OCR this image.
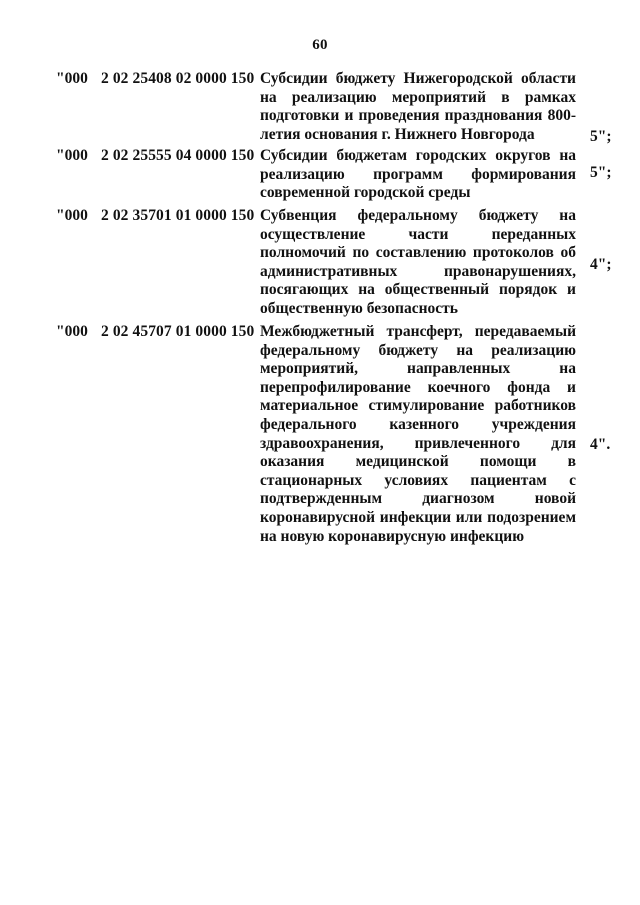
60
"000 2 02 25408 02 0000 150 Субсидии бюджету Нижегородской области на реализацию мероприятий в рамках подготовки и проведения празднования 800-летия основания г. Нижнего Новгорода	5";
"000 2 02 25555 04 0000 150 Субсидии бюджетам городских округов на реализацию программ формирования современной городской среды
5";
"000 2 02 35701 01 0000 150 Субвенция федеральному бюджету на осуществление части переданных полномочий по составлению протоколов об административных правонарушениях, посягающих на общественный порядок и общественную безопасность
4";
"000 2 02 45707 01 0000 150 Межбюджетный трансферт, передаваемый федеральному бюджету на реализацию мероприятий, направленных на перепрофилирование коечного фонда и материальное стимулирование работников федерального казенного учреждения здравоохранения, привлеченного для оказания медицинской помощи в стационарных условиях пациентам с подтвержденным диагнозом новой коронавирусной инфекции или подозрением на новую коронавирусную инфекцию
4".
